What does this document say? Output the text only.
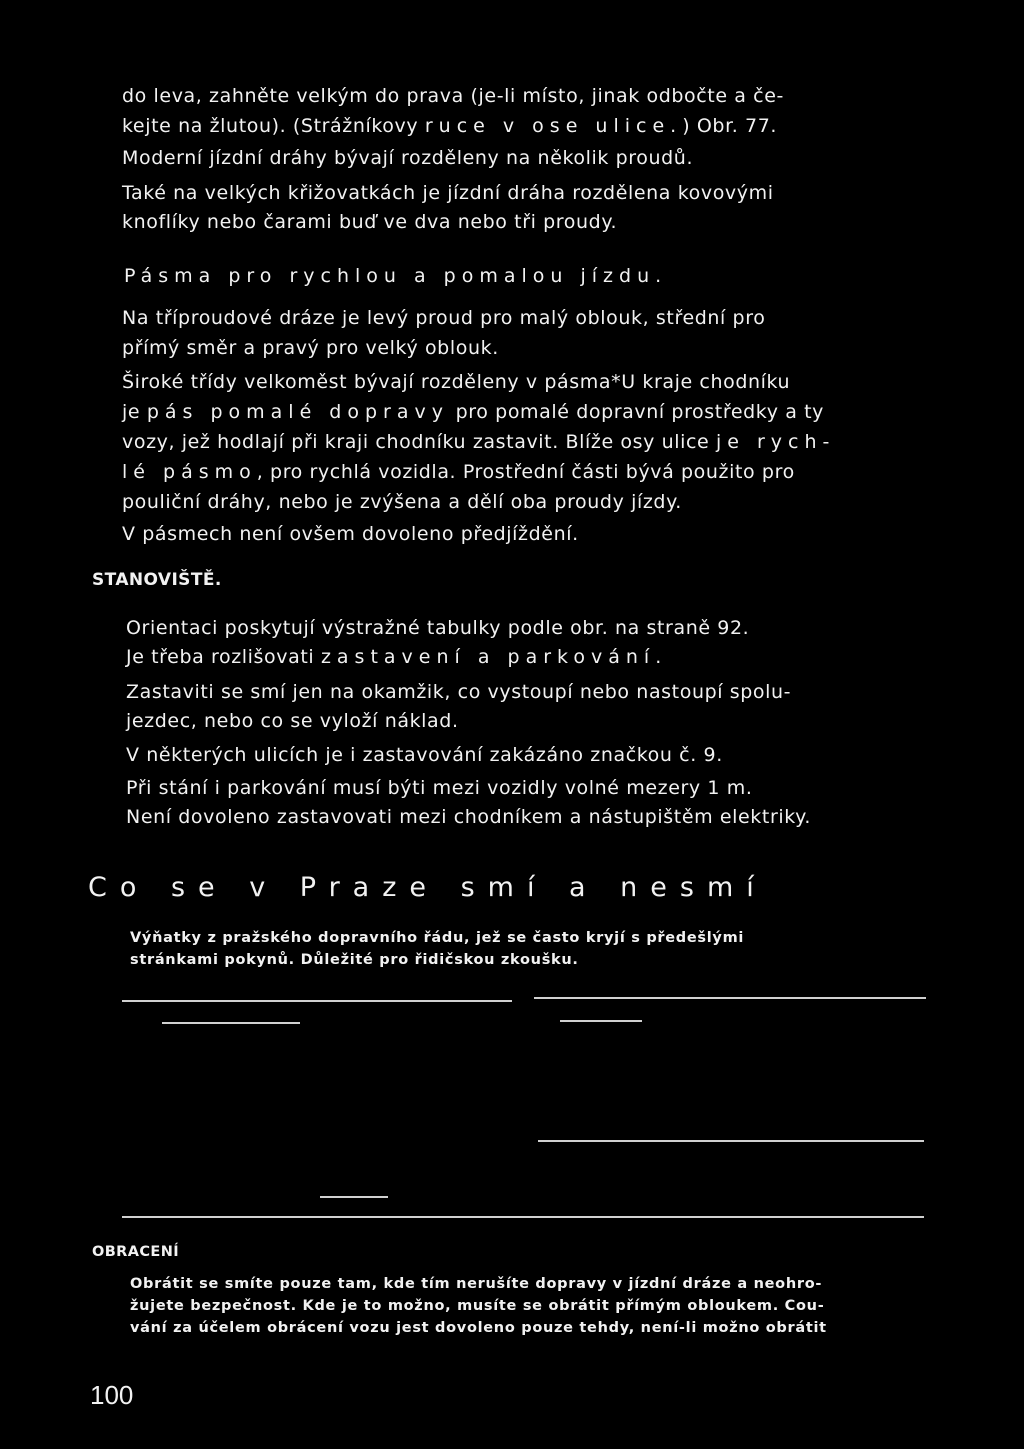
do leva, zahněte velkým do prava (je-li místo, jinak odbočte a če-
kejte na žlutou). (Strážníkovy ruce v ose ulice.) Obr. 77.
Moderní jízdní dráhy bývají rozděleny na několik proudů.
Také na velkých křižovatkách je jízdní dráha rozdělena kovovými
knoflíky nebo čarami buď ve dva nebo tři proudy.
Pásma pro rychlou a pomalou jízdu.
Na tříproudové dráze je levý proud pro malý oblouk, střední pro
přímý směr a pravý pro velký oblouk.
Široké třídy velkoměst bývají rozděleny v pásma*U kraje chodníku
je pás pomalé dopravy pro pomalé dopravní prostředky a ty
vozy, jež hodlají při kraji chodníku zastavit. Blíže osy ulice je rych-
lé pásmo, pro rychlá vozidla. Prostřední části bývá použito pro
pouliční dráhy, nebo je zvýšena a dělí oba proudy jízdy.
V pásmech není ovšem dovoleno předjíždění.
STANOVIŠTĚ.
Orientaci poskytují výstražné tabulky podle obr. na straně 92.
Je třeba rozlišovati zastavení a parkování.
Zastaviti se smí jen na okamžik, co vystoupí nebo nastoupí spolu-
jezdec, nebo co se vyloží náklad.
V některých ulicích je i zastavování zakázáno značkou č. 9.
Při stání i parkování musí býti mezi vozidly volné mezery 1 m.
Není dovoleno zastavovati mezi chodníkem a nástupištěm elektriky.
Co se v Praze smí a nesmí
Výňatky z pražského dopravního řádu, jež se často kryjí s předešlými
stránkami pokynů. Důležité pro řidičskou zkoušku.
OBRACENÍ
Obrátit se smíte pouze tam, kde tím nerušíte dopravy v jízdní dráze a neohro-
žujete bezpečnost. Kde je to možno, musíte se obrátit přímým obloukem. Cou-
vání za účelem obrácení vozu jest dovoleno pouze tehdy, není-li možno obrátit
100
